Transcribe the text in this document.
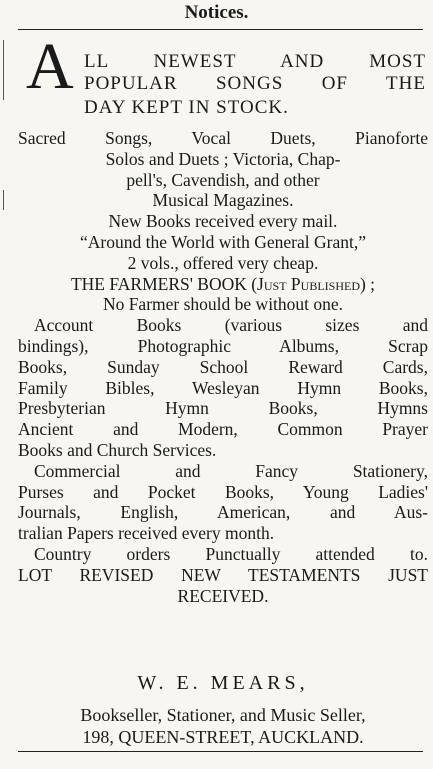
Notices.
A LL NEWEST AND MOST
POPULAR SONGS OF THE
DAY KEPT IN STOCK.
Sacred Songs, Vocal Duets, Pianoforte
Solos and Duets ; Victoria, Chap-
pell's, Cavendish, and other
Musical Magazines.
New Books received every mail.
“Around the World with General Grant,”
2 vols., offered very cheap.
THE FARMERS' BOOK (Just Published) ;
No Farmer should be without one.
Account Books (various sizes and
bindings), Photographic Albums, Scrap
Books, Sunday School Reward Cards,
Family Bibles, Wesleyan Hymn Books,
Presbyterian Hymn Books, Hymns
Ancient and Modern, Common Prayer
Books and Church Services.
Commercial and Fancy Stationery,
Purses and Pocket Books, Young Ladies'
Journals, English, American, and Aus-
tralian Papers received every month.
Country orders Punctually attended to.
LOT REVISED NEW TESTAMENTS JUST
RECEIVED.
W. E. MEARS,
Bookseller, Stationer, and Music Seller,
198, QUEEN-STREET, AUCKLAND.
